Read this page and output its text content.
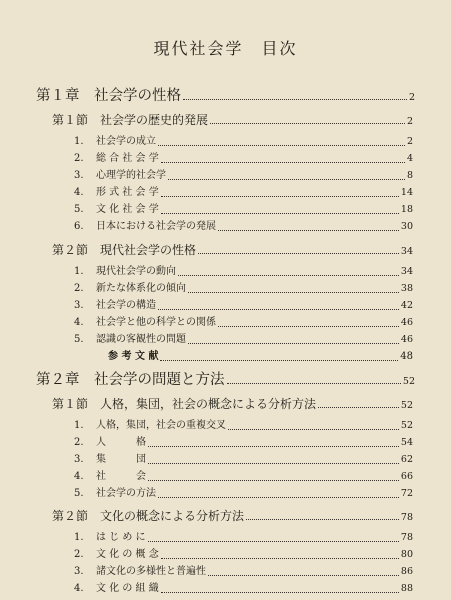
現代社会学　目次
第１章　社会学の性格	2
第１節　社会学の歴史的発展	2
1. 社会学の成立	2
2. 総 合 社 会 学	4
3. 心理学的社会学	8
4. 形 式 社 会 学	14
5. 文 化 社 会 学	18
6. 日本における社会学の発展	30
第２節　現代社会学の性格	34
1. 現代社会学の動向	34
2. 新たな体系化の傾向	38
3. 社会学の構造	42
4. 社会学と他の科学との関係	46
5. 認識の客観性の問題	46
参 考 文 献	48
第２章　社会学の問題と方法	52
第１節　人格，集団，社会の概念による分析方法	52
1. 人格，集団，社会の重複交叉	52
2. 人　　　格	54
3. 集　　　団	62
4. 社　　　会	66
5. 社会学の方法	72
第２節　文化の概念による分析方法	78
1. は じ め に	78
2. 文 化 の 概 念	80
3. 諸文化の多様性と普遍性	86
4. 文 化 の 組 織	88
